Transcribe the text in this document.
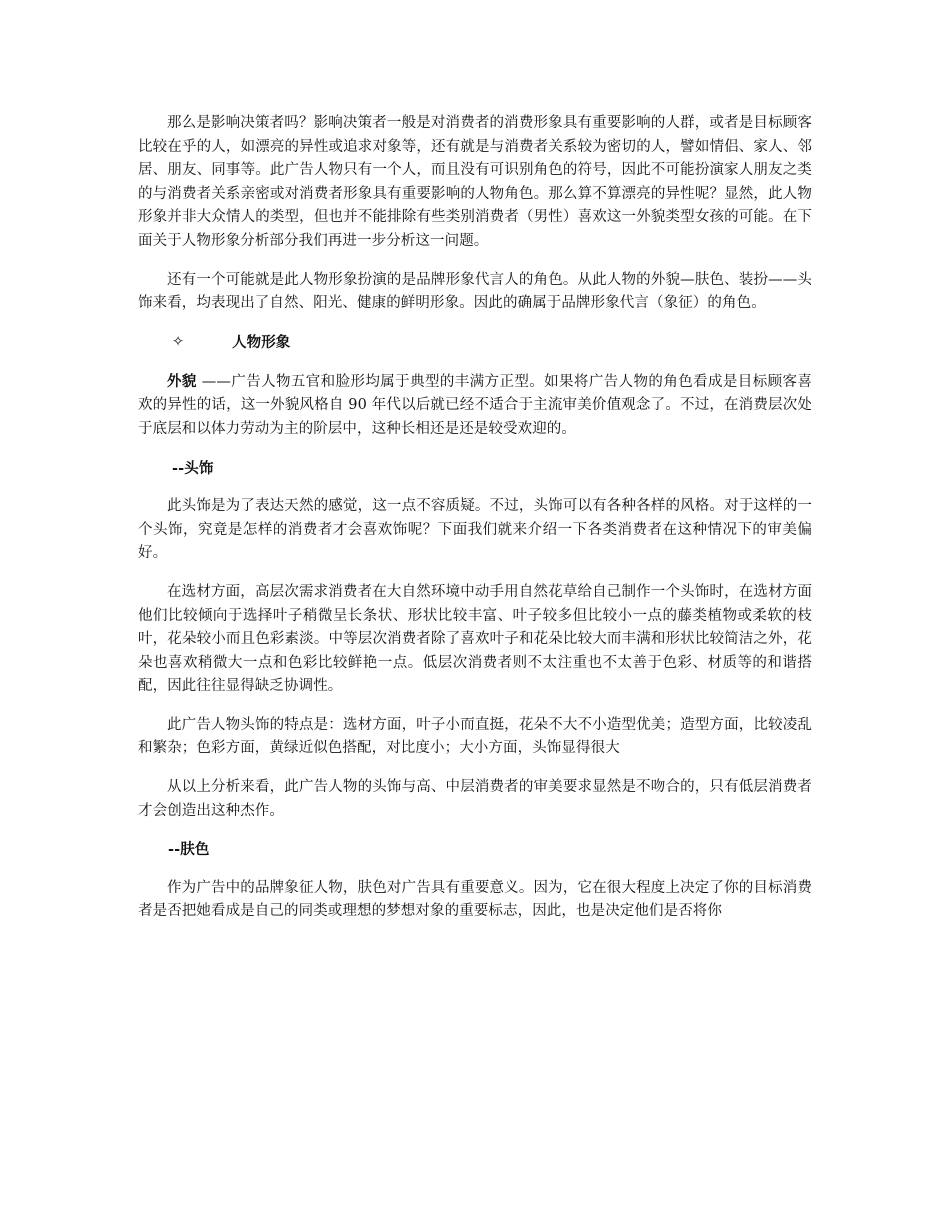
那么是影响决策者吗？影响决策者一般是对消费者的消费形象具有重要影响的人群，或者是目标顾客比较在乎的人，如漂亮的异性或追求对象等，还有就是与消费者关系较为密切的人，譬如情侣、家人、邻居、朋友、同事等。此广告人物只有一个人，而且没有可识别角色的符号，因此不可能扮演家人朋友之类的与消费者关系亲密或对消费者形象具有重要影响的人物角色。那么算不算漂亮的异性呢？显然，此人物形象并非大众情人的类型，但也并不能排除有些类别消费者（男性）喜欢这一外貌类型女孩的可能。在下面关于人物形象分析部分我们再进一步分析这一问题。

还有一个可能就是此人物形象扮演的是品牌形象代言人的角色。从此人物的外貌—肤色、装扮——头饰来看，均表现出了自然、阳光、健康的鲜明形象。因此的确属于品牌形象代言（象征）的角色。

✧	人物形象

外貌 ——广告人物五官和脸形均属于典型的丰满方正型。如果将广告人物的角色看成是目标顾客喜欢的异性的话，这一外貌风格自 90 年代以后就已经不适合于主流审美价值观念了。不过，在消费层次处于底层和以体力劳动为主的阶层中，这种长相还是还是较受欢迎的。

--头饰

此头饰是为了表达天然的感觉，这一点不容质疑。不过，头饰可以有各种各样的风格。对于这样的一个头饰，究竟是怎样的消费者才会喜欢饰呢？下面我们就来介绍一下各类消费者在这种情况下的审美偏好。

在选材方面，高层次需求消费者在大自然环境中动手用自然花草给自己制作一个头饰时，在选材方面他们比较倾向于选择叶子稍微呈长条状、形状比较丰富、叶子较多但比较小一点的藤类植物或柔软的枝叶，花朵较小而且色彩素淡。中等层次消费者除了喜欢叶子和花朵比较大而丰满和形状比较简洁之外，花朵也喜欢稍微大一点和色彩比较鲜艳一点。低层次消费者则不太注重也不太善于色彩、材质等的和谐搭配，因此往往显得缺乏协调性。

此广告人物头饰的特点是：选材方面，叶子小而直挺，花朵不大不小造型优美；造型方面，比较凌乱和繁杂；色彩方面，黄绿近似色搭配，对比度小；大小方面，头饰显得很大

从以上分析来看，此广告人物的头饰与高、中层消费者的审美要求显然是不吻合的，只有低层消费者才会创造出这种杰作。

--肤色

作为广告中的品牌象征人物，肤色对广告具有重要意义。因为，它在很大程度上决定了你的目标消费者是否把她看成是自己的同类或理想的梦想对象的重要标志，因此，也是决定他们是否将你
